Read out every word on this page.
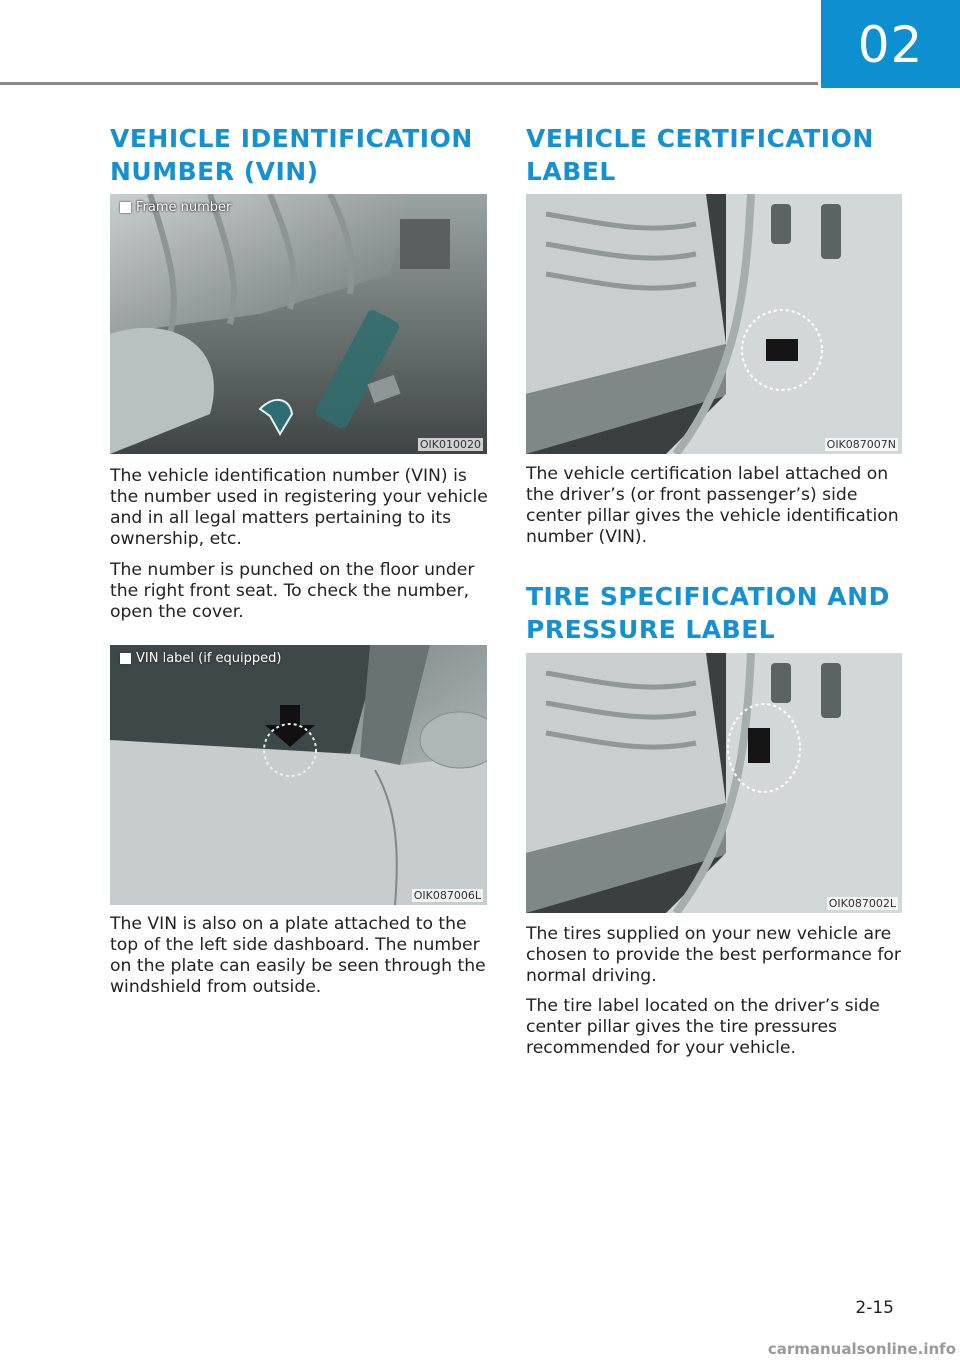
02
VEHICLE IDENTIFICATION
NUMBER (VIN)
Frame number
OIK010020

The vehicle identification number (VIN) is the number used in registering your vehicle and in all legal matters pertaining to its ownership, etc.

The number is punched on the floor under the right front seat. To check the number, open the cover.

VIN label (if equipped)
OIK087006L

The VIN is also on a plate attached to the top of the left side dashboard. The number on the plate can easily be seen through the windshield from outside.

VEHICLE CERTIFICATION
LABEL
OIK087007N

The vehicle certification label attached on the driver’s (or front passenger’s) side center pillar gives the vehicle identification number (VIN).

TIRE SPECIFICATION AND
PRESSURE LABEL
OIK087002L

The tires supplied on your new vehicle are chosen to provide the best performance for normal driving.

The tire label located on the driver’s side center pillar gives the tire pressures recommended for your vehicle.

2-15
carmanualsonline.info
